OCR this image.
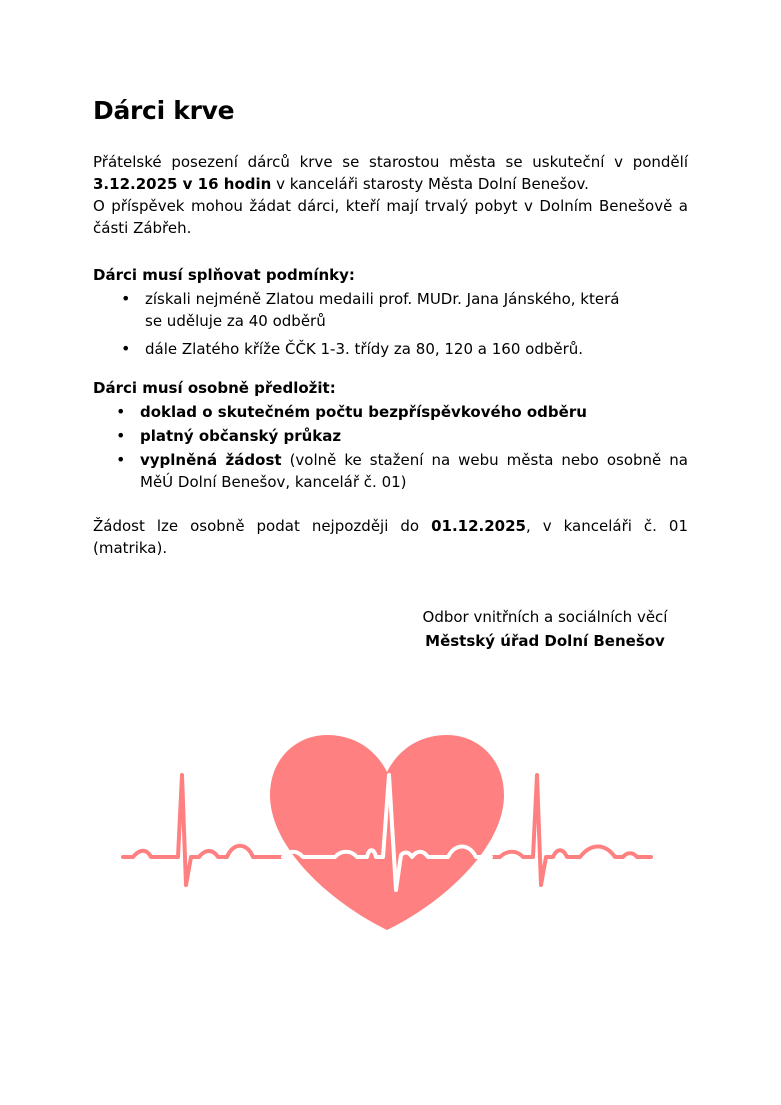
Dárci krve
Přátelské posezení dárců krve se starostou města se uskuteční v pondělí 3.12.2025 v 16 hodin v kanceláři starosty Města Dolní Benešov.
O příspěvek mohou žádat dárci, kteří mají trvalý pobyt v Dolním Benešově a části Zábřeh.
Dárci musí splňovat podmínky:
• získali nejméně Zlatou medaili prof. MUDr. Jana Jánského, která
se uděluje za 40 odběrů
• dále Zlatého kříže ČČK 1-3. třídy za 80, 120 a 160 odběrů.
Dárci musí osobně předložit:
• doklad o skutečném počtu bezpříspěvkového odběru
• platný občanský průkaz
• vyplněná žádost (volně ke stažení na webu města nebo osobně na MěÚ Dolní Benešov, kancelář č. 01)
Žádost lze osobně podat nejpozději do 01.12.2025, v kanceláři č. 01 (matrika).
Odbor vnitřních a sociálních věcí
Městský úřad Dolní Benešov
